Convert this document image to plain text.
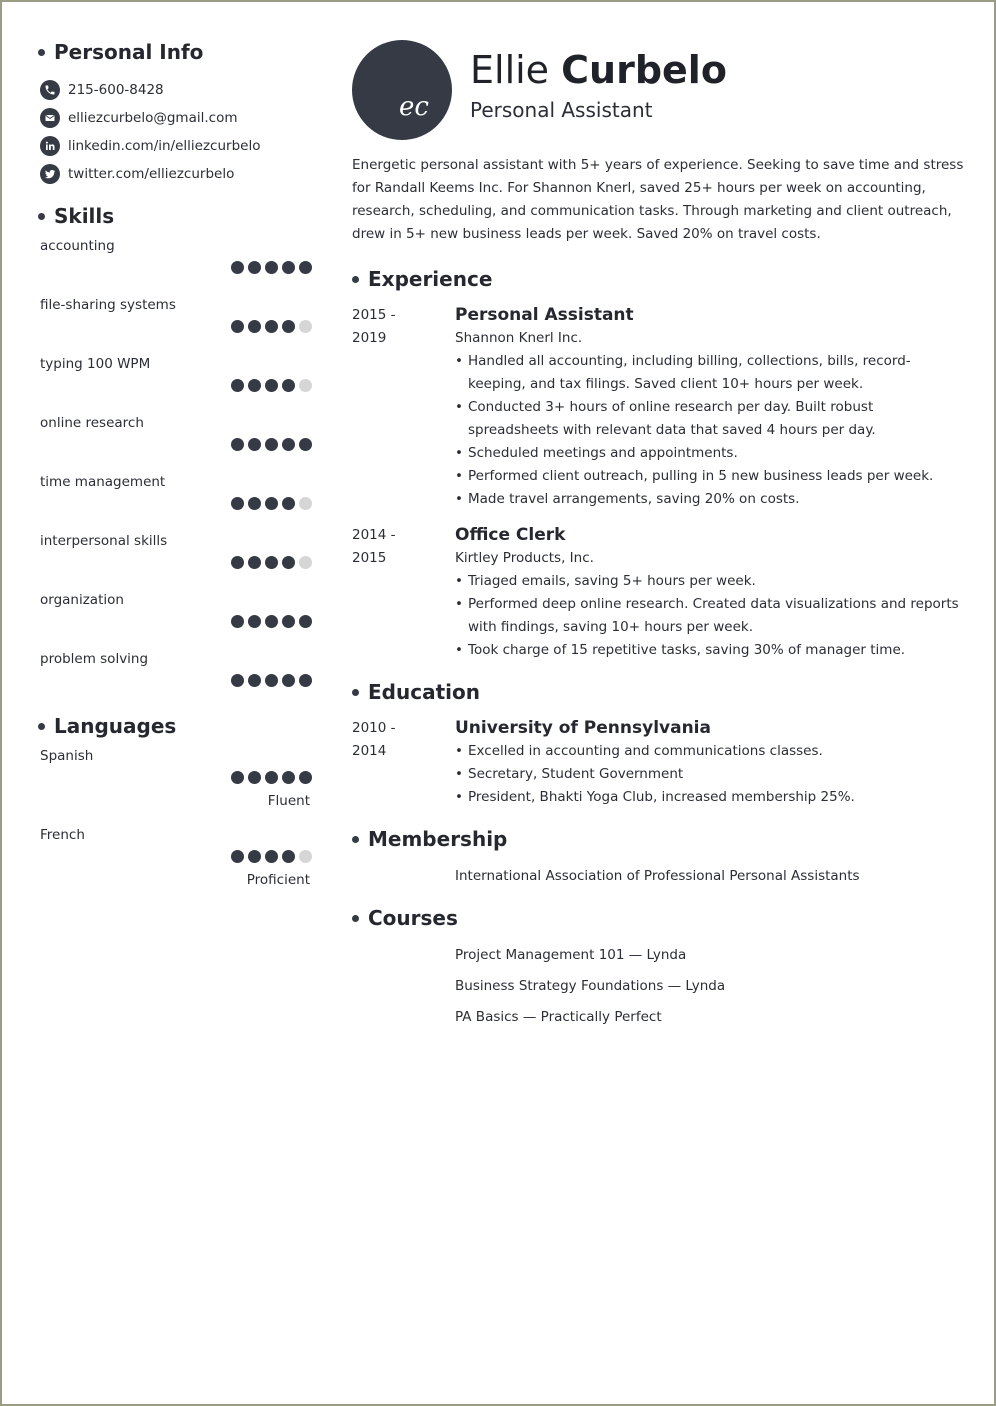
Personal Info
215-600-8428
elliezcurbelo@gmail.com
linkedin.com/in/elliezcurbelo
twitter.com/elliezcurbelo
Skills
accounting
file-sharing systems
typing 100 WPM
online research
time management
interpersonal skills
organization
problem solving
Languages
Spanish
Fluent
French
Proficient
ec
Ellie Curbelo
Personal Assistant
Energetic personal assistant with 5+ years of experience. Seeking to save time and stress for Randall Keems Inc. For Shannon Knerl, saved 25+ hours per week on accounting, research, scheduling, and communication tasks. Through marketing and client outreach, drew in 5+ new business leads per week. Saved 20% on travel costs.
Experience
2015 -
2019
Personal Assistant
Shannon Knerl Inc.
• Handled all accounting, including billing, collections, bills, record-keeping, and tax filings. Saved client 10+ hours per week.
• Conducted 3+ hours of online research per day. Built robust spreadsheets with relevant data that saved 4 hours per day.
• Scheduled meetings and appointments.
• Performed client outreach, pulling in 5 new business leads per week.
• Made travel arrangements, saving 20% on costs.
2014 -
2015
Office Clerk
Kirtley Products, Inc.
• Triaged emails, saving 5+ hours per week.
• Performed deep online research. Created data visualizations and reports with findings, saving 10+ hours per week.
• Took charge of 15 repetitive tasks, saving 30% of manager time.
Education
2010 -
2014
University of Pennsylvania
• Excelled in accounting and communications classes.
• Secretary, Student Government
• President, Bhakti Yoga Club, increased membership 25%.
Membership
International Association of Professional Personal Assistants
Courses
Project Management 101 — Lynda
Business Strategy Foundations — Lynda
PA Basics — Practically Perfect
